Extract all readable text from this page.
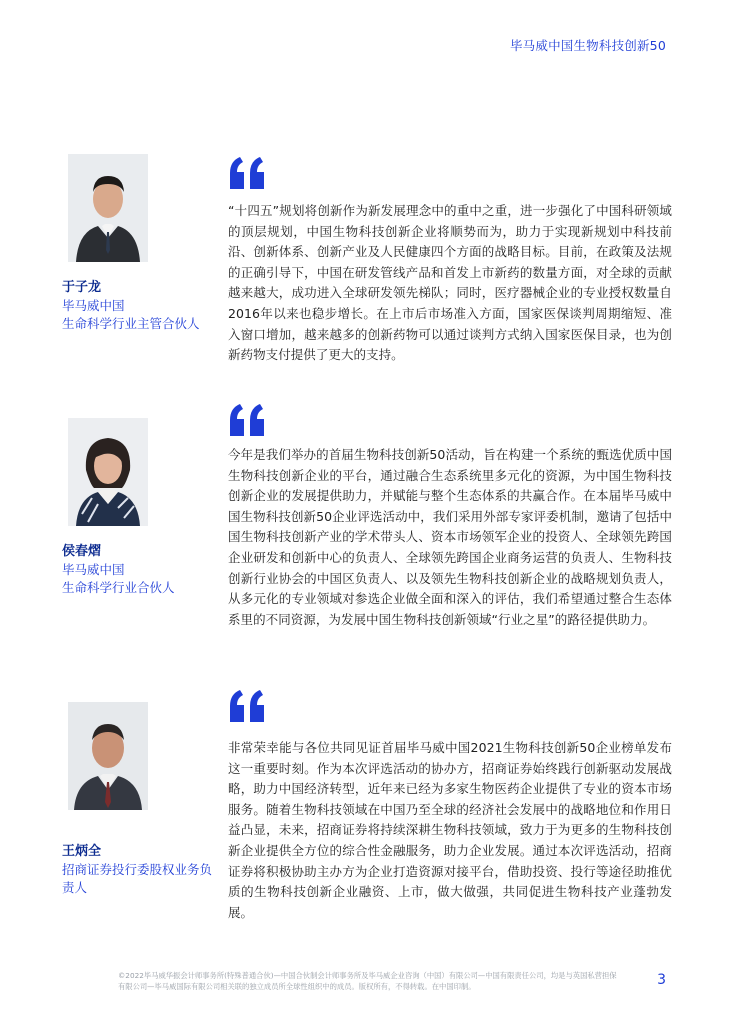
毕马威中国生物科技创新50
于子龙
毕马威中国
生命科学行业主管合伙人
“十四五”规划将创新作为新发展理念中的重中之重，进一步强化了中国科研领域的顶层规划，中国生物科技创新企业将顺势而为，助力于实现新规划中科技前沿、创新体系、创新产业及人民健康四个方面的战略目标。目前，在政策及法规的正确引导下，中国在研发管线产品和首发上市新药的数量方面，对全球的贡献越来越大，成功进入全球研发领先梯队；同时，医疗器械企业的专业授权数量自2016年以来也稳步增长。在上市后市场准入方面，国家医保谈判周期缩短、准入窗口增加，越来越多的创新药物可以通过谈判方式纳入国家医保目录，也为创新药物支付提供了更大的支持。
侯春熠
毕马威中国
生命科学行业合伙人
今年是我们举办的首届生物科技创新50活动，旨在构建一个系统的甄选优质中国生物科技创新企业的平台，通过融合生态系统里多元化的资源，为中国生物科技创新企业的发展提供助力，并赋能与整个生态体系的共赢合作。在本届毕马威中国生物科技创新50企业评选活动中，我们采用外部专家评委机制，邀请了包括中国生物科技创新产业的学术带头人、资本市场领军企业的投资人、全球领先跨国企业研发和创新中心的负责人、全球领先跨国企业商务运营的负责人、生物科技创新行业协会的中国区负责人、以及领先生物科技创新企业的战略规划负责人，从多元化的专业领域对参选企业做全面和深入的评估，我们希望通过整合生态体系里的不同资源，为发展中国生物科技创新领域“行业之星”的路径提供助力。
王炳全
招商证券投行委股权业务负责人
非常荣幸能与各位共同见证首届毕马威中国2021生物科技创新50企业榜单发布这一重要时刻。作为本次评选活动的协办方，招商证券始终践行创新驱动发展战略，助力中国经济转型，近年来已经为多家生物医药企业提供了专业的资本市场服务。随着生物科技领域在中国乃至全球的经济社会发展中的战略地位和作用日益凸显，未来，招商证券将持续深耕生物科技领域，致力于为更多的生物科技创新企业提供全方位的综合性金融服务，助力企业发展。通过本次评选活动，招商证券将积极协助主办方为企业打造资源对接平台，借助投资、投行等途径助推优质的生物科技创新企业融资、上市，做大做强，共同促进生物科技产业蓬勃发展。
©2022毕马威华振会计师事务所(特殊普通合伙)—中国合伙制会计师事务所及毕马威企业咨询（中国）有限公司—中国有限责任公司，均是与英国私营担保有限公司—毕马威国际有限公司相关联的独立成员所全球性组织中的成员。版权所有，不得转载。在中国印制。	3
